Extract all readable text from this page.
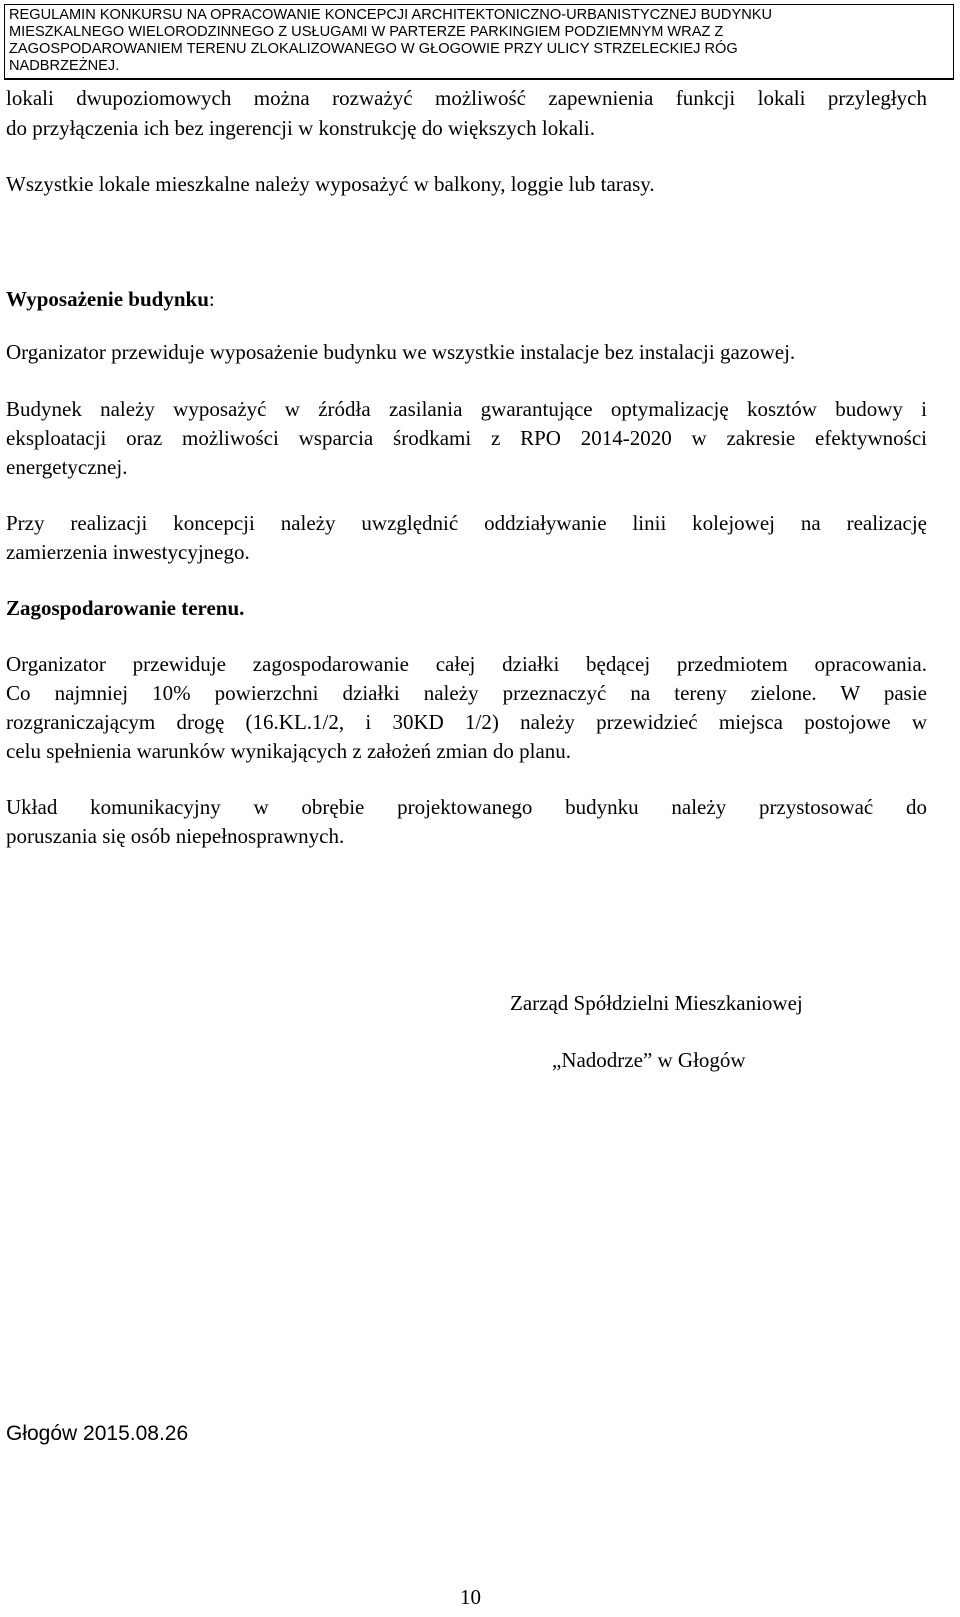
REGULAMIN KONKURSU NA OPRACOWANIE KONCEPCJI ARCHITEKTONICZNO-URBANISTYCZNEJ BUDYNKU
MIESZKALNEGO WIELORODZINNEGO Z USŁUGAMI W PARTERZE PARKINGIEM PODZIEMNYM WRAZ Z
ZAGOSPODAROWANIEM TERENU ZLOKALIZOWANEGO W GŁOGOWIE PRZY ULICY STRZELECKIEJ RÓG
NADBRZEŻNEJ.
lokali dwupoziomowych można rozważyć możliwość zapewnienia funkcji lokali przyległych
do przyłączenia ich bez ingerencji w konstrukcję do większych lokali.
Wszystkie lokale mieszkalne należy wyposażyć w balkony, loggie lub tarasy.
Wyposażenie budynku:
Organizator przewiduje wyposażenie budynku we wszystkie instalacje bez instalacji gazowej.
Budynek należy wyposażyć w źródła zasilania gwarantujące optymalizację kosztów budowy i
eksploatacji oraz możliwości wsparcia środkami z RPO 2014-2020 w zakresie efektywności
energetycznej.
Przy realizacji koncepcji należy uwzględnić oddziaływanie linii kolejowej na realizację
zamierzenia inwestycyjnego.
Zagospodarowanie terenu.
Organizator przewiduje zagospodarowanie całej działki będącej przedmiotem opracowania.
Co najmniej 10% powierzchni działki należy przeznaczyć na tereny zielone. W pasie
rozgraniczającym drogę (16.KL.1/2, i 30KD 1/2) należy przewidzieć miejsca postojowe w
celu spełnienia warunków wynikających z założeń zmian do planu.
Układ komunikacyjny w obrębie projektowanego budynku należy przystosować do
poruszania się osób niepełnosprawnych.
Zarząd Spółdzielni Mieszkaniowej
„Nadodrze” w Głogów
Głogów 2015.08.26
10
